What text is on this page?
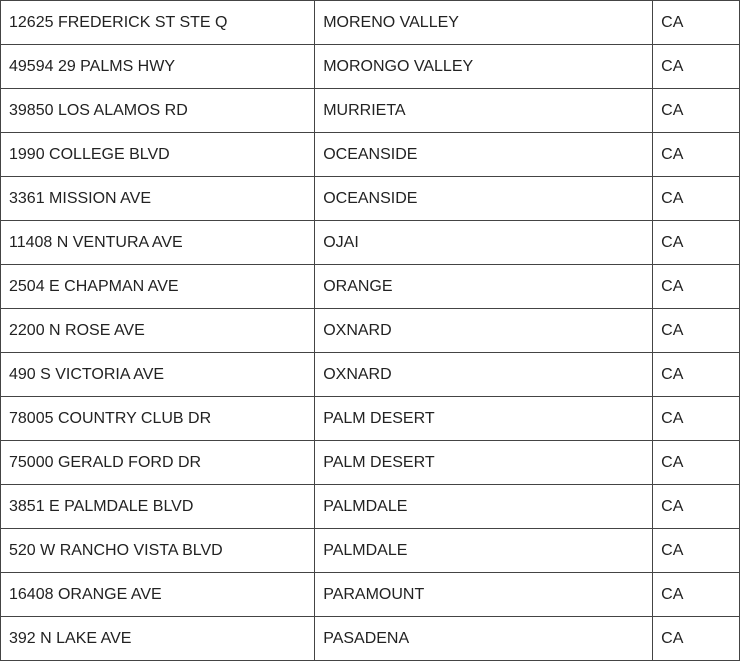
12625 FREDERICK ST STE Q	MORENO VALLEY	CA
49594 29 PALMS HWY	MORONGO VALLEY	CA
39850 LOS ALAMOS RD	MURRIETA	CA
1990 COLLEGE BLVD	OCEANSIDE	CA
3361 MISSION AVE	OCEANSIDE	CA
11408 N VENTURA AVE	OJAI	CA
2504 E CHAPMAN AVE	ORANGE	CA
2200 N ROSE AVE	OXNARD	CA
490 S VICTORIA AVE	OXNARD	CA
78005 COUNTRY CLUB DR	PALM DESERT	CA
75000 GERALD FORD DR	PALM DESERT	CA
3851 E PALMDALE BLVD	PALMDALE	CA
520 W RANCHO VISTA BLVD	PALMDALE	CA
16408 ORANGE AVE	PARAMOUNT	CA
392 N LAKE AVE	PASADENA	CA
